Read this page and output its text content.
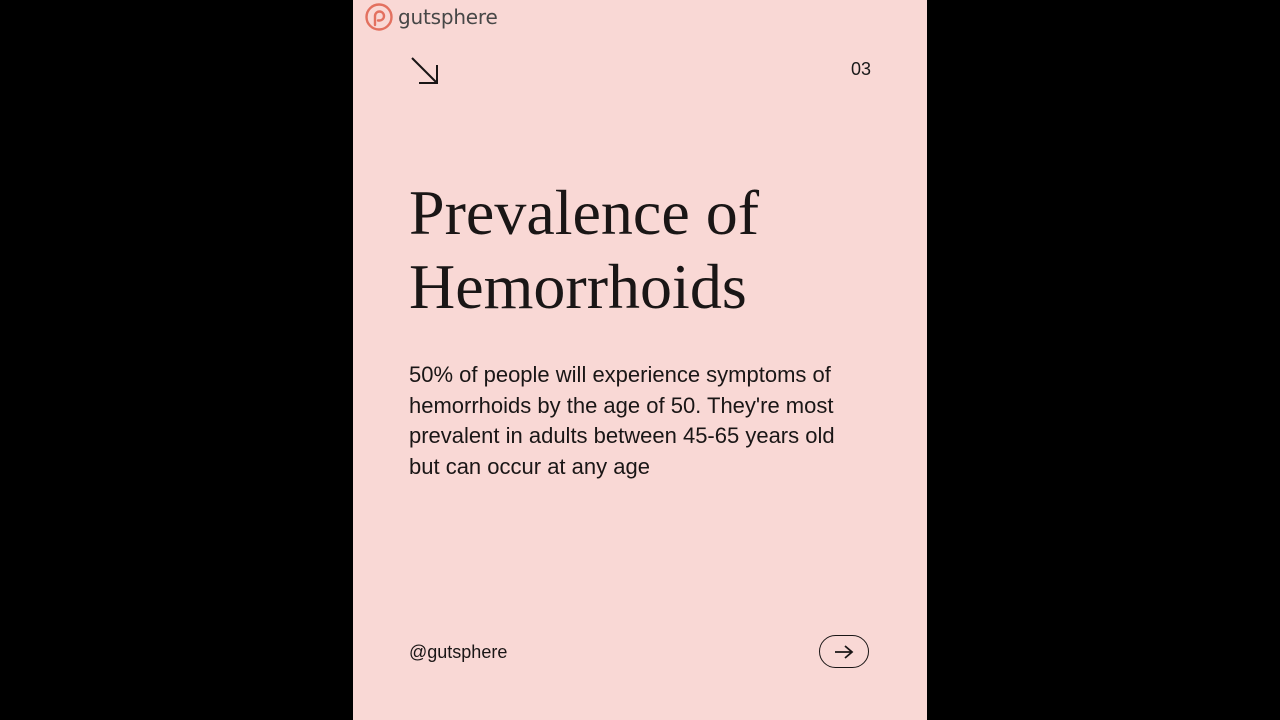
gutsphere
03
Prevalence of Hemorrhoids

50% of people will experience symptoms of hemorrhoids by the age of 50. They're most prevalent in adults between 45-65 years old but can occur at any age

@gutsphere
